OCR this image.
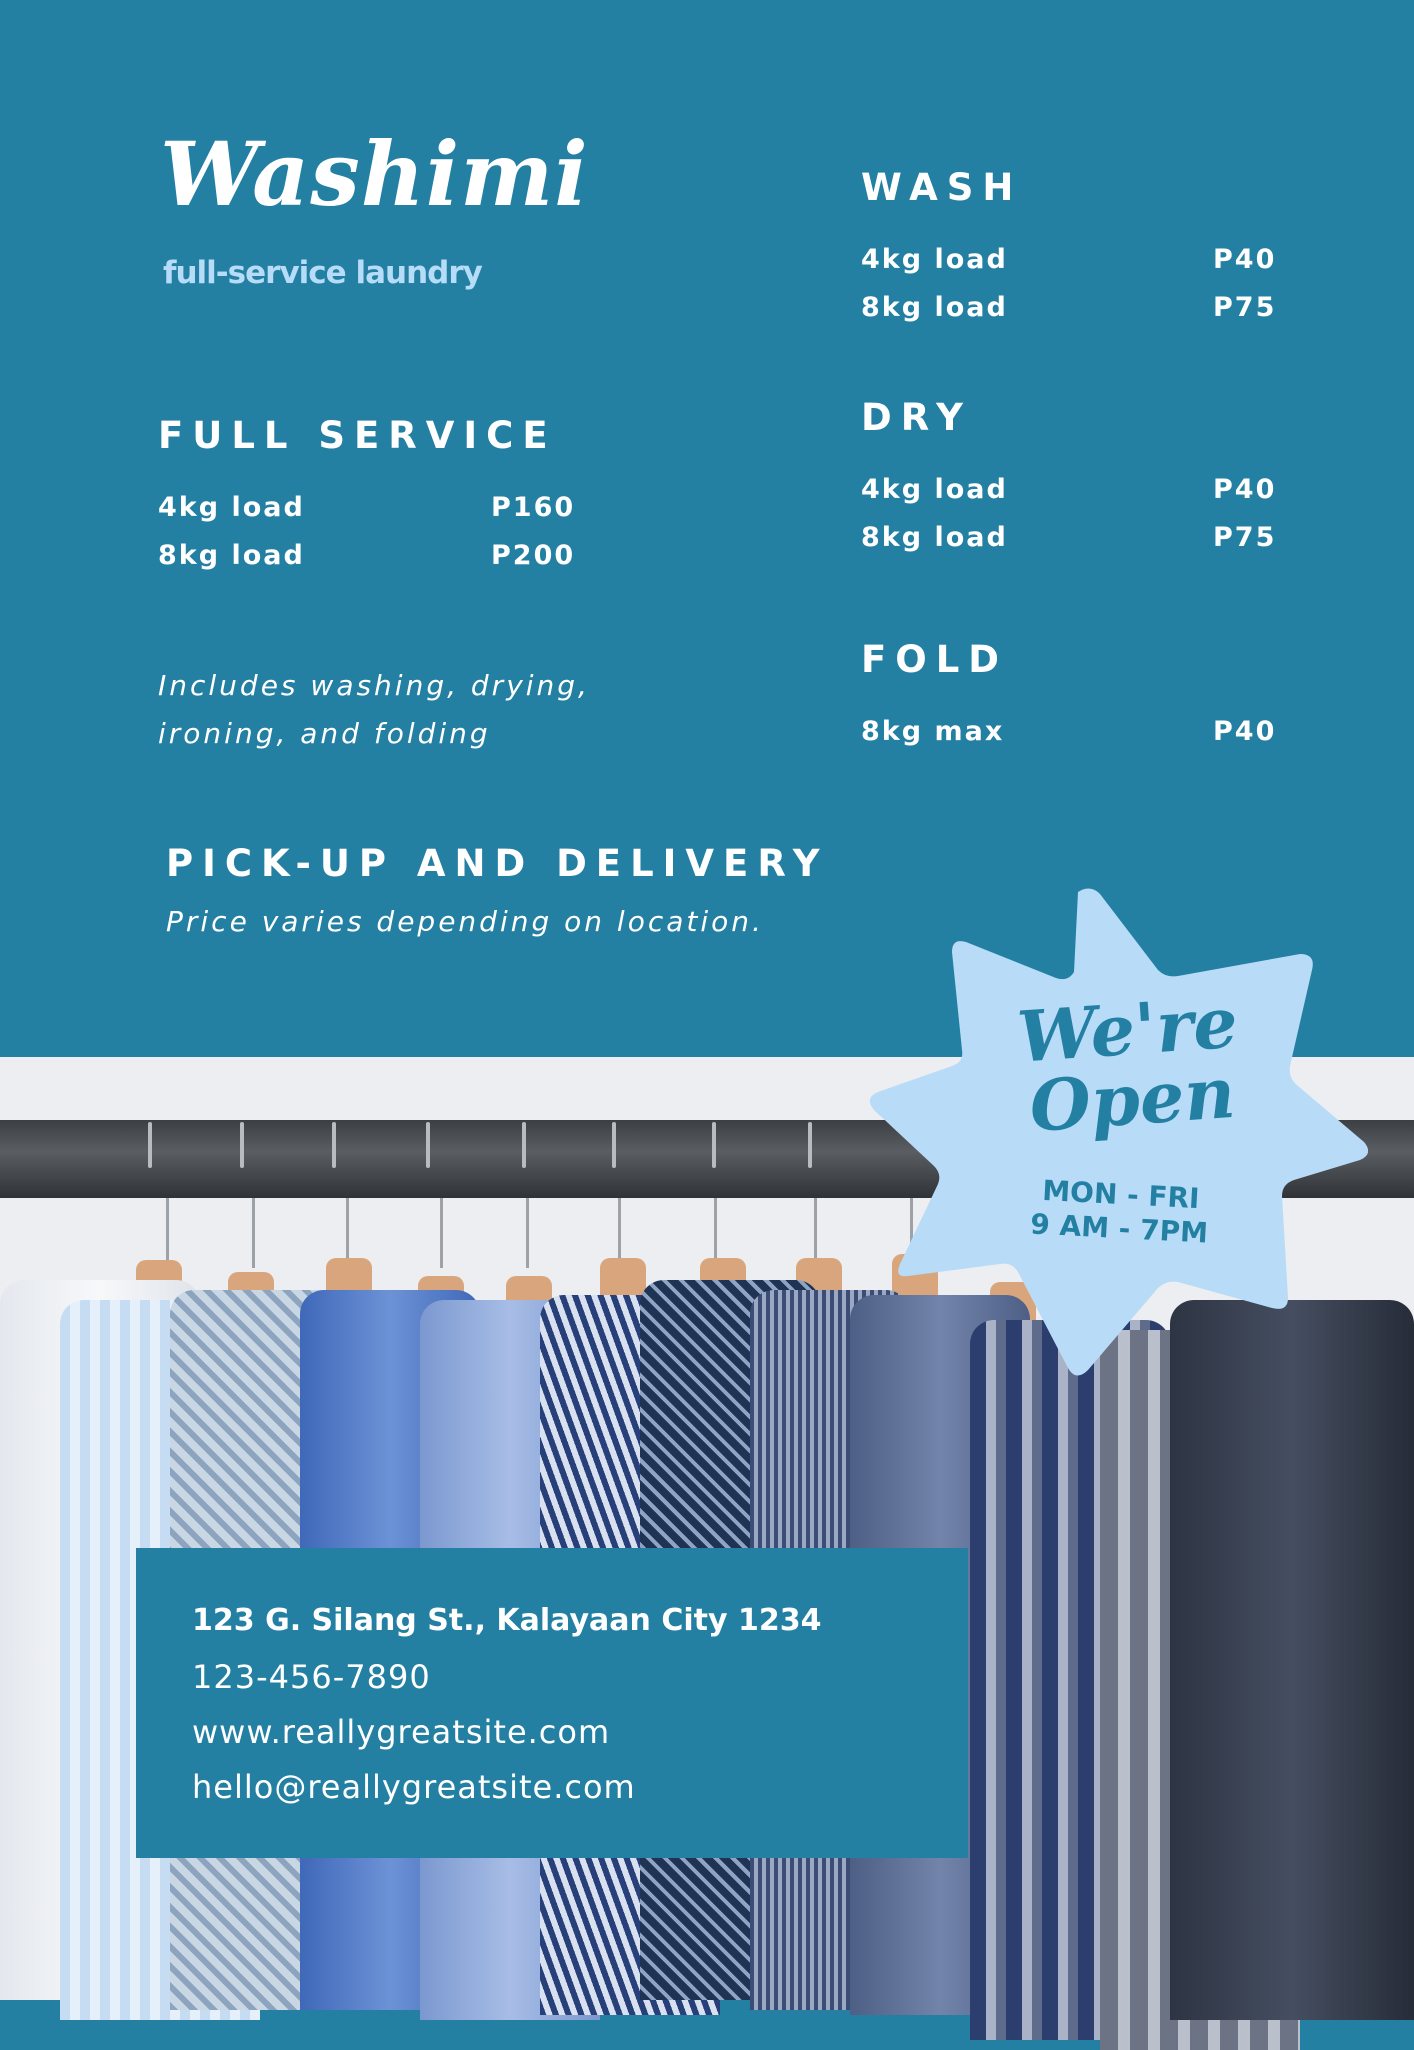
Washimi
full-service laundry
FULL SERVICE
4kg load	P160
8kg load	P200
Includes washing, drying,
ironing, and folding
WASH
4kg load	P40
8kg load	P75
DRY
4kg load	P40
8kg load	P75
FOLD
8kg max	P40
PICK-UP AND DELIVERY
Price varies depending on location.
We're
Open
MON - FRI
9 AM - 7PM
123 G. Silang St., Kalayaan City 1234
123-456-7890
www.reallygreatsite.com
hello@reallygreatsite.com
